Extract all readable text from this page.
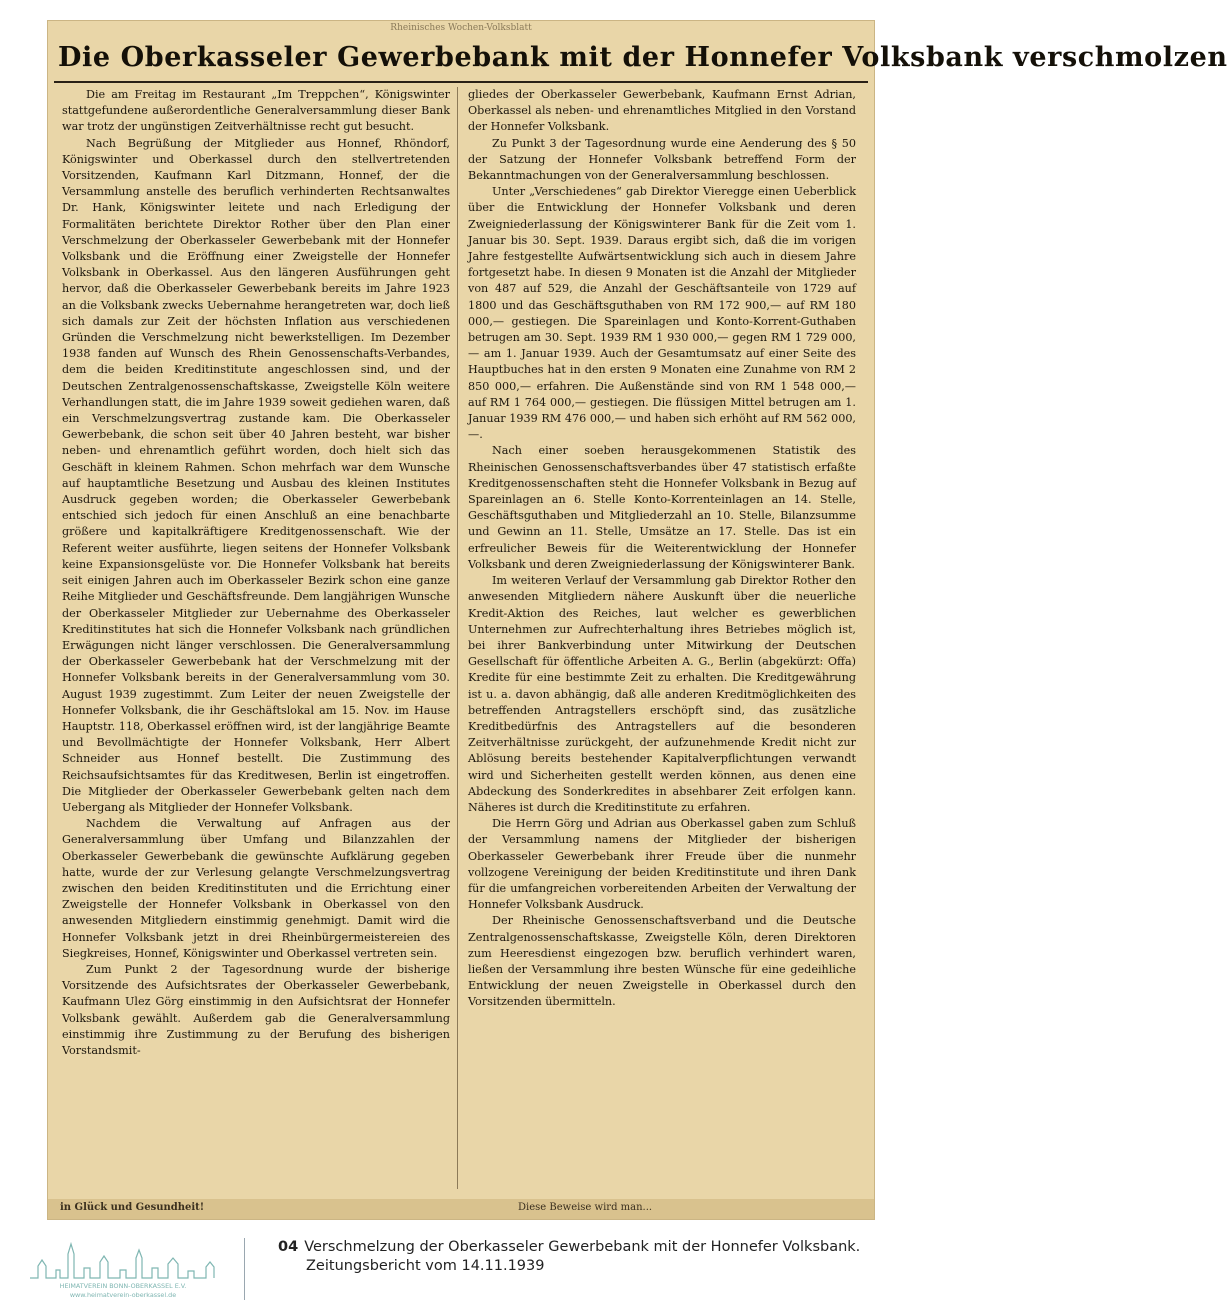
Rheinisches Wochen-Volksblatt
Die Oberkasseler Gewerbebank mit der Honnefer Volksbank verschmolzen

Die am Freitag im Restaurant „Im Treppchen“, Königswinter stattgefundene außerordentliche Generalversammlung dieser Bank war trotz der ungünstigen Zeitverhältnisse recht gut besucht.

Nach Begrüßung der Mitglieder aus Honnef, Rhöndorf, Königswinter und Oberkassel durch den stellvertretenden Vorsitzenden, Kaufmann Karl Ditzmann, Honnef, der die Versammlung anstelle des beruflich verhinderten Rechtsanwaltes Dr. Hank, Königswinter leitete und nach Erledigung der Formalitäten berichtete Direktor Rother über den Plan einer Verschmelzung der Oberkasseler Gewerbebank mit der Honnefer Volksbank und die Eröffnung einer Zweigstelle der Honnefer Volksbank in Oberkassel. Aus den längeren Ausführungen geht hervor, daß die Oberkasseler Gewerbebank bereits im Jahre 1923 an die Volksbank zwecks Uebernahme herangetreten war, doch ließ sich damals zur Zeit der höchsten Inflation aus verschiedenen Gründen die Verschmelzung nicht bewerkstelligen. Im Dezember 1938 fanden auf Wunsch des Rhein Genossenschafts-Verbandes, dem die beiden Kreditinstitute angeschlossen sind, und der Deutschen Zentralgenossenschaftskasse, Zweigstelle Köln weitere Verhandlungen statt, die im Jahre 1939 soweit gediehen waren, daß ein Verschmelzungsvertrag zustande kam. Die Oberkasseler Gewerbebank, die schon seit über 40 Jahren besteht, war bisher neben- und ehrenamtlich geführt worden, doch hielt sich das Geschäft in kleinem Rahmen. Schon mehrfach war dem Wunsche auf hauptamtliche Besetzung und Ausbau des kleinen Institutes Ausdruck gegeben worden; die Oberkasseler Gewerbebank entschied sich jedoch für einen Anschluß an eine benachbarte größere und kapitalkräftigere Kreditgenossenschaft. Wie der Referent weiter ausführte, liegen seitens der Honnefer Volksbank keine Expansionsgelüste vor. Die Honnefer Volksbank hat bereits seit einigen Jahren auch im Oberkasseler Bezirk schon eine ganze Reihe Mitglieder und Geschäftsfreunde. Dem langjährigen Wunsche der Oberkasseler Mitglieder zur Uebernahme des Oberkasseler Kreditinstitutes hat sich die Honnefer Volksbank nach gründlichen Erwägungen nicht länger verschlossen. Die Generalversammlung der Oberkasseler Gewerbebank hat der Verschmelzung mit der Honnefer Volksbank bereits in der Generalversammlung vom 30. August 1939 zugestimmt. Zum Leiter der neuen Zweigstelle der Honnefer Volksbank, die ihr Geschäftslokal am 15. Nov. im Hause Hauptstr. 118, Oberkassel eröffnen wird, ist der langjährige Beamte und Bevollmächtigte der Honnefer Volksbank, Herr Albert Schneider aus Honnef bestellt. Die Zustimmung des Reichsaufsichtsamtes für das Kreditwesen, Berlin ist eingetroffen. Die Mitglieder der Oberkasseler Gewerbebank gelten nach dem Uebergang als Mitglieder der Honnefer Volksbank.

Nachdem die Verwaltung auf Anfragen aus der Generalversammlung über Umfang und Bilanzzahlen der Oberkasseler Gewerbebank die gewünschte Aufklärung gegeben hatte, wurde der zur Verlesung gelangte Verschmelzungsvertrag zwischen den beiden Kreditinstituten und die Errichtung einer Zweigstelle der Honnefer Volksbank in Oberkassel von den anwesenden Mitgliedern einstimmig genehmigt. Damit wird die Honnefer Volksbank jetzt in drei Rheinbürgermeistereien des Siegkreises, Honnef, Königswinter und Oberkassel vertreten sein.

Zum Punkt 2 der Tagesordnung wurde der bisherige Vorsitzende des Aufsichtsrates der Oberkasseler Gewerbebank, Kaufmann Ulez Görg einstimmig in den Aufsichtsrat der Honnefer Volksbank gewählt. Außerdem gab die Generalversammlung einstimmig ihre Zustimmung zu der Berufung des bisherigen Vorstandsmit-

gliedes der Oberkasseler Gewerbebank, Kaufmann Ernst Adrian, Oberkassel als neben- und ehrenamtliches Mitglied in den Vorstand der Honnefer Volksbank.

Zu Punkt 3 der Tagesordnung wurde eine Aenderung des § 50 der Satzung der Honnefer Volksbank betreffend Form der Bekanntmachungen von der Generalversammlung beschlossen.

Unter „Verschiedenes“ gab Direktor Vieregge einen Ueberblick über die Entwicklung der Honnefer Volksbank und deren Zweigniederlassung der Königswinterer Bank für die Zeit vom 1. Januar bis 30. Sept. 1939. Daraus ergibt sich, daß die im vorigen Jahre festgestellte Aufwärtsentwicklung sich auch in diesem Jahre fortgesetzt habe. In diesen 9 Monaten ist die Anzahl der Mitglieder von 487 auf 529, die Anzahl der Geschäftsanteile von 1729 auf 1800 und das Geschäftsguthaben von RM 172 900,— auf RM 180 000,— gestiegen. Die Spareinlagen und Konto-Korrent-Guthaben betrugen am 30. Sept. 1939 RM 1 930 000,— gegen RM 1 729 000,— am 1. Januar 1939. Auch der Gesamtumsatz auf einer Seite des Hauptbuches hat in den ersten 9 Monaten eine Zunahme von RM 2 850 000,— erfahren. Die Außenstände sind von RM 1 548 000,— auf RM 1 764 000,— gestiegen. Die flüssigen Mittel betrugen am 1. Januar 1939 RM 476 000,— und haben sich erhöht auf RM 562 000,—.

Nach einer soeben herausgekommenen Statistik des Rheinischen Genossenschaftsverbandes über 47 statistisch erfaßte Kreditgenossenschaften steht die Honnefer Volksbank in Bezug auf Spareinlagen an 6. Stelle Konto-Korrenteinlagen an 14. Stelle, Geschäftsguthaben und Mitgliederzahl an 10. Stelle, Bilanzsumme und Gewinn an 11. Stelle, Umsätze an 17. Stelle. Das ist ein erfreulicher Beweis für die Weiterentwicklung der Honnefer Volksbank und deren Zweigniederlassung der Königswinterer Bank.

Im weiteren Verlauf der Versammlung gab Direktor Rother den anwesenden Mitgliedern nähere Auskunft über die neuerliche Kredit-Aktion des Reiches, laut welcher es gewerblichen Unternehmen zur Aufrechterhaltung ihres Betriebes möglich ist, bei ihrer Bankverbindung unter Mitwirkung der Deutschen Gesellschaft für öffentliche Arbeiten A. G., Berlin (abgekürzt: Offa) Kredite für eine bestimmte Zeit zu erhalten. Die Kreditgewährung ist u. a. davon abhängig, daß alle anderen Kreditmöglichkeiten des betreffenden Antragstellers erschöpft sind, das zusätzliche Kreditbedürfnis des Antragstellers auf die besonderen Zeitverhältnisse zurückgeht, der aufzunehmende Kredit nicht zur Ablösung bereits bestehender Kapitalverpflichtungen verwandt wird und Sicherheiten gestellt werden können, aus denen eine Abdeckung des Sonderkredites in absehbarer Zeit erfolgen kann. Näheres ist durch die Kreditinstitute zu erfahren.

Die Herrn Görg und Adrian aus Oberkassel gaben zum Schluß der Versammlung namens der Mitglieder der bisherigen Oberkasseler Gewerbebank ihrer Freude über die nunmehr vollzogene Vereinigung der beiden Kreditinstitute und ihren Dank für die umfangreichen vorbereitenden Arbeiten der Verwaltung der Honnefer Volksbank Ausdruck.

Der Rheinische Genossenschaftsverband und die Deutsche Zentralgenossenschaftskasse, Zweigstelle Köln, deren Direktoren zum Heeresdienst eingezogen bzw. beruflich verhindert waren, ließen der Versammlung ihre besten Wünsche für eine gedeihliche Entwicklung der neuen Zweigstelle in Oberkassel durch den Vorsitzenden übermitteln.

in Glück und Gesundheit!	Diese Beweise wird man...
HEIMATVEREIN BONN-OBERKASSEL E.V.
www.heimatverein-oberkassel.de
04 Verschmelzung der Oberkasseler Gewerbebank mit der Honnefer Volksbank.
Zeitungsbericht vom 14.11.1939
